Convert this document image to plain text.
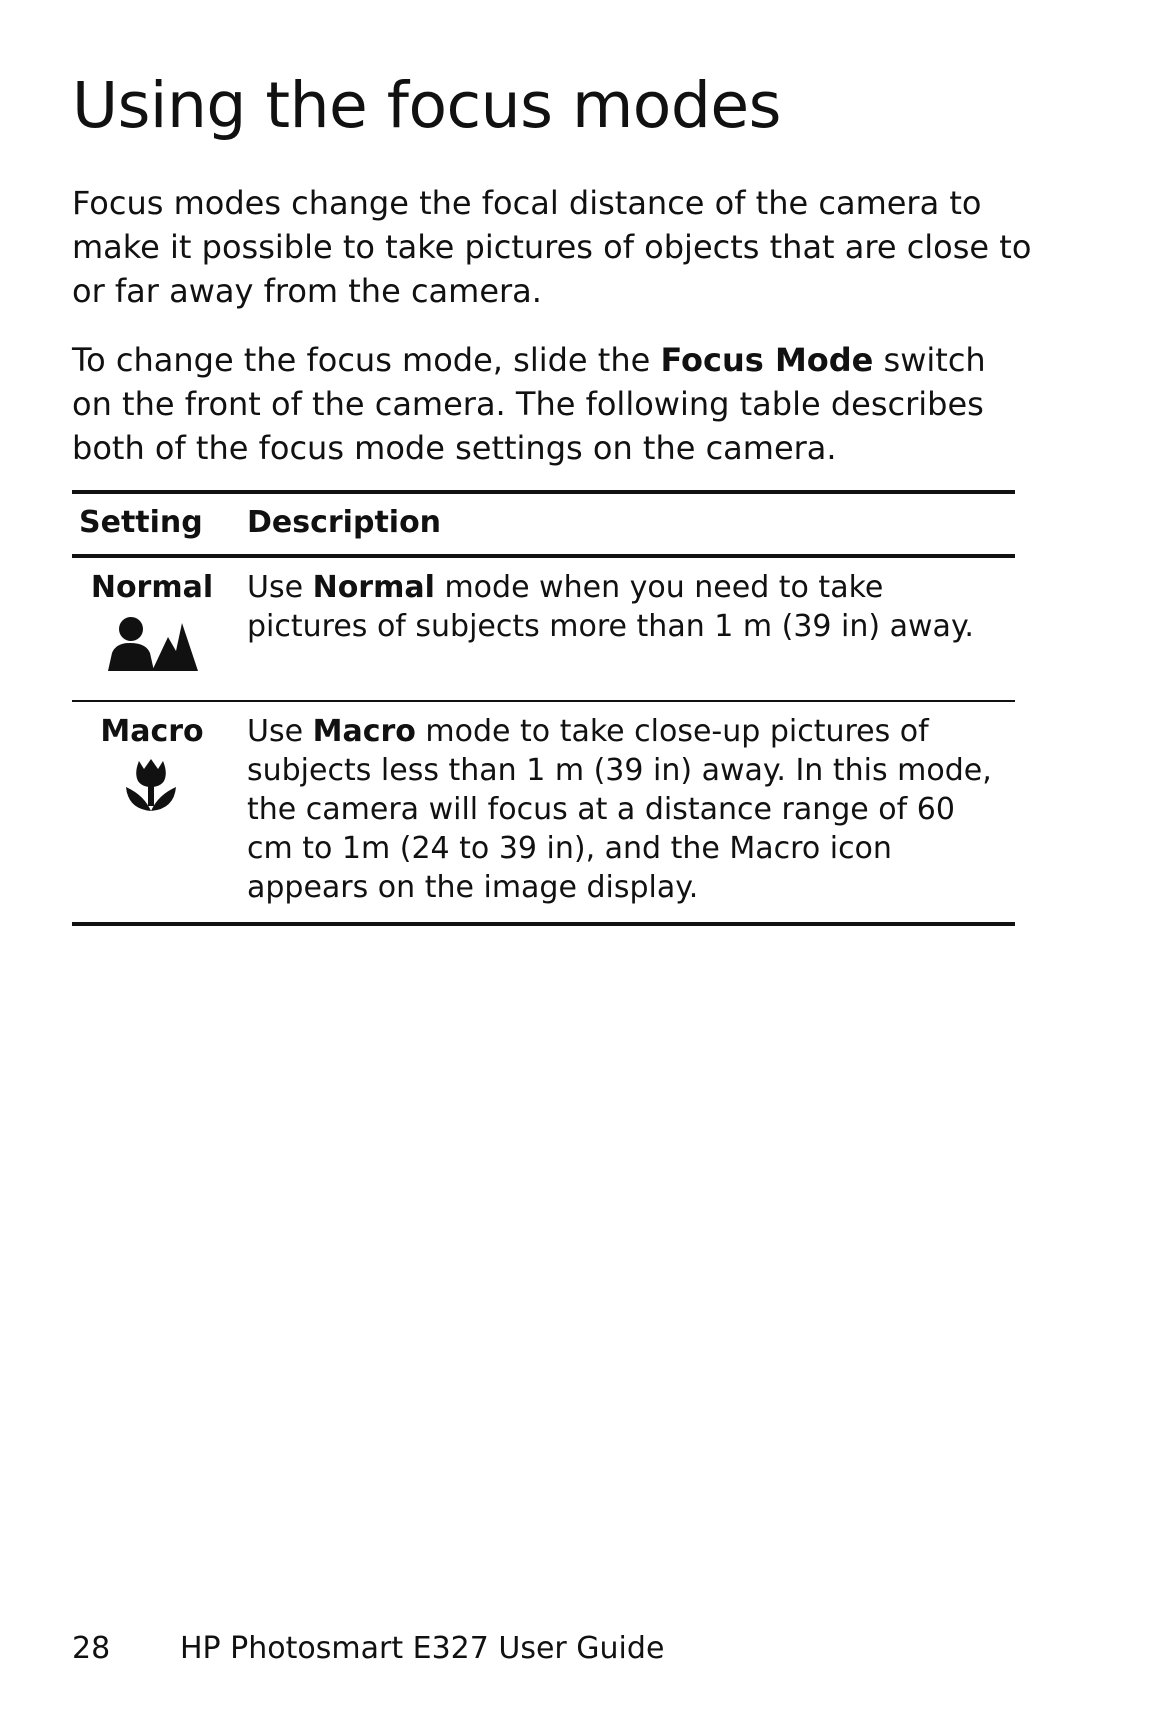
Using the focus modes

Focus modes change the focal distance of the camera to make it possible to take pictures of objects that are close to or far away from the camera.

To change the focus mode, slide the Focus Mode switch on the front of the camera. The following table describes both of the focus mode settings on the camera.

Setting Description
Normal	Use Normal mode when you need to take pictures of subjects more than 1 m (39 in) away.

Macro	Use Macro mode to take close-up pictures of subjects less than 1 m (39 in) away. In this mode, the camera will focus at a distance range of 60 cm to 1m (24 to 39 in), and the Macro icon appears on the image display.

28 HP Photosmart E327 User Guide
